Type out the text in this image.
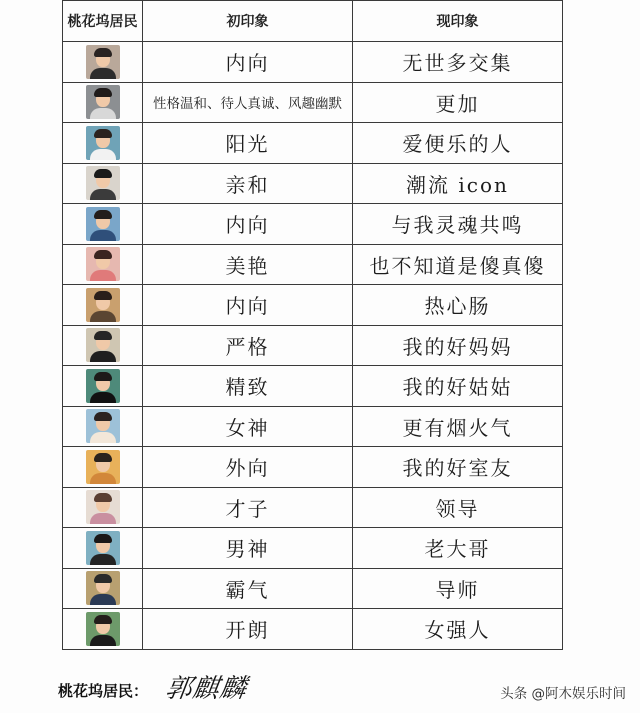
桃花坞居民	初印象	现印象

	内向	无世多交集

	性格温和、待人真诚、风趣幽默	更加

	阳光	爱便乐的人

	亲和	潮流 icon

	内向	与我灵魂共鸣

	美艳	也不知道是傻真傻

	内向	热心肠

	严格	我的好妈妈

	精致	我的好姑姑

	女神	更有烟火气

	外向	我的好室友

	才子	领导

	男神	老大哥

	霸气	导师

	开朗	女强人
桃花坞居民： 郭麒麟	头条 @阿木娱乐时间
